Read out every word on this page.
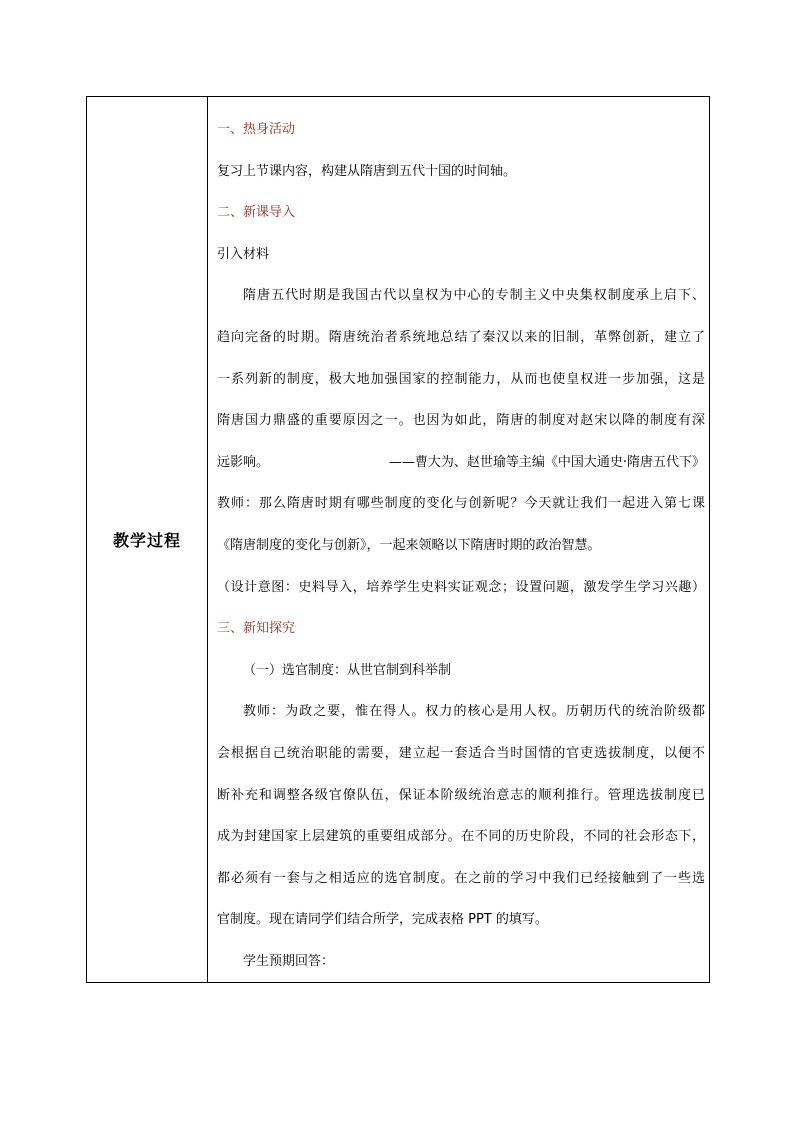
教学过程	
一、热身活动
复习上节课内容，构建从隋唐到五代十国的时间轴。
二、新课导入
引入材料
隋唐五代时期是我国古代以皇权为中心的专制主义中央集权制度承上启下、
趋向完备的时期。隋唐统治者系统地总结了秦汉以来的旧制，革弊创新，建立了
一系列新的制度，极大地加强国家的控制能力，从而也使皇权进一步加强，这是
隋唐国力鼎盛的重要原因之一。也因为如此，隋唐的制度对赵宋以降的制度有深
远影响。	——曹大为、赵世瑜等主编《中国大通史·隋唐五代下》
教师：那么隋唐时期有哪些制度的变化与创新呢？今天就让我们一起进入第七课
《隋唐制度的变化与创新》，一起来领略以下隋唐时期的政治智慧。
（设计意图：史料导入，培养学生史料实证观念；设置问题，激发学生学习兴趣）
三、新知探究
（一）选官制度：从世官制到科举制
教师：为政之要，惟在得人。权力的核心是用人权。历朝历代的统治阶级都
会根据自己统治职能的需要，建立起一套适合当时国情的官吏选拔制度，以便不
断补充和调整各级官僚队伍，保证本阶级统治意志的顺利推行。管理选拔制度已
成为封建国家上层建筑的重要组成部分。在不同的历史阶段，不同的社会形态下，
都必须有一套与之相适应的选官制度。在之前的学习中我们已经接触到了一些选
官制度。现在请同学们结合所学，完成表格 PPT 的填写。
学生预期回答：
